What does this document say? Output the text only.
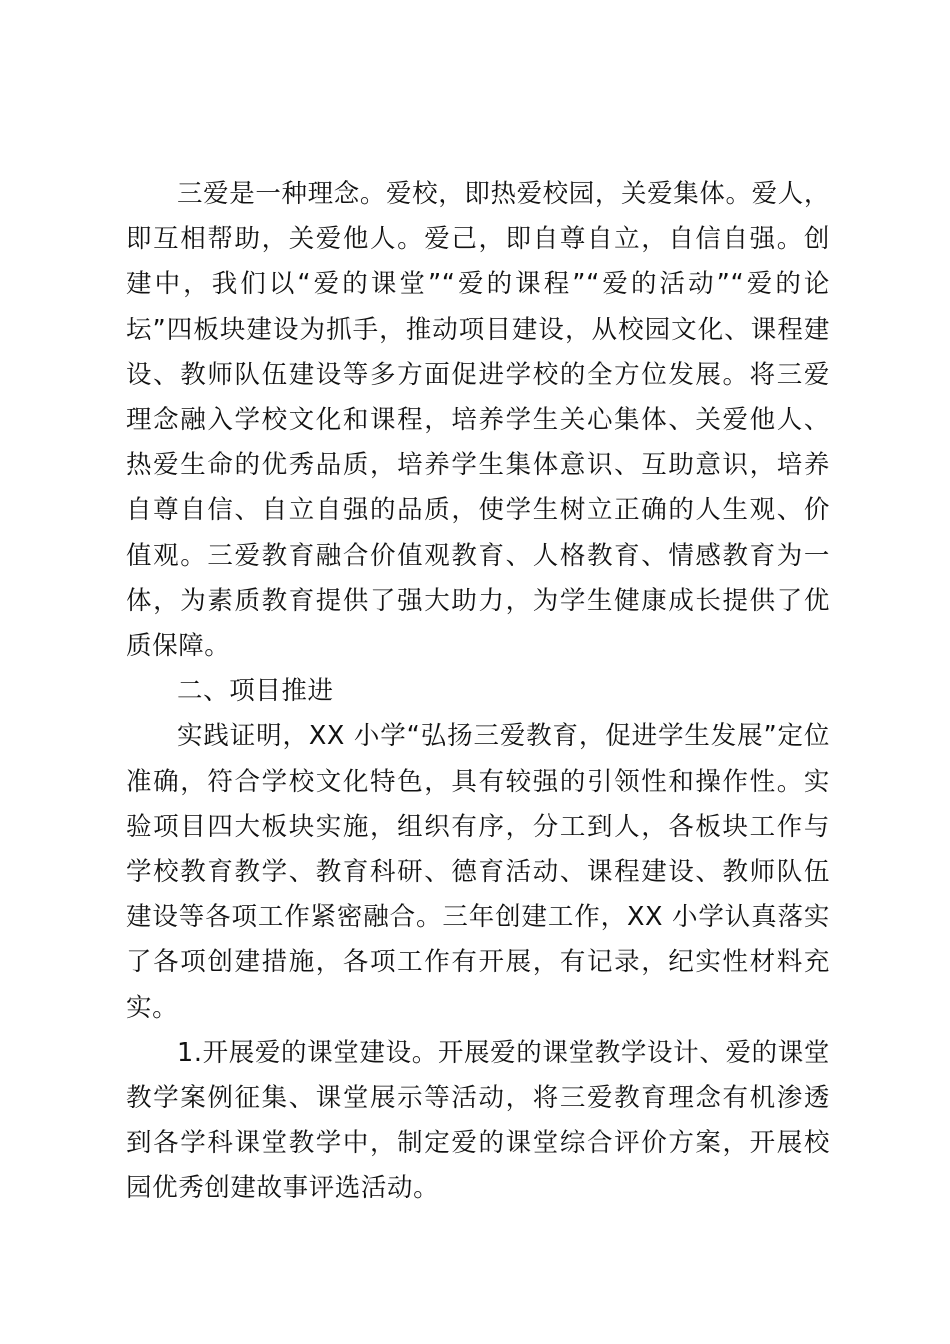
三爱是一种理念。爱校，即热爱校园，关爱集体。爱人，即互相帮助，关爱他人。爱己，即自尊自立，自信自强。创建中，我们以“爱的课堂”“爱的课程”“爱的活动”“爱的论坛”四板块建设为抓手，推动项目建设，从校园文化、课程建设、教师队伍建设等多方面促进学校的全方位发展。将三爱理念融入学校文化和课程，培养学生关心集体、关爱他人、热爱生命的优秀品质，培养学生集体意识、互助意识，培养自尊自信、自立自强的品质，使学生树立正确的人生观、价值观。三爱教育融合价值观教育、人格教育、情感教育为一体，为素质教育提供了强大助力，为学生健康成长提供了优质保障。

二、项目推进

实践证明，XX 小学“弘扬三爱教育，促进学生发展”定位准确，符合学校文化特色，具有较强的引领性和操作性。实验项目四大板块实施，组织有序，分工到人，各板块工作与学校教育教学、教育科研、德育活动、课程建设、教师队伍建设等各项工作紧密融合。三年创建工作，XX 小学认真落实了各项创建措施，各项工作有开展，有记录，纪实性材料充实。

1.开展爱的课堂建设。开展爱的课堂教学设计、爱的课堂教学案例征集、课堂展示等活动，将三爱教育理念有机渗透到各学科课堂教学中，制定爱的课堂综合评价方案，开展校园优秀创建故事评选活动。
